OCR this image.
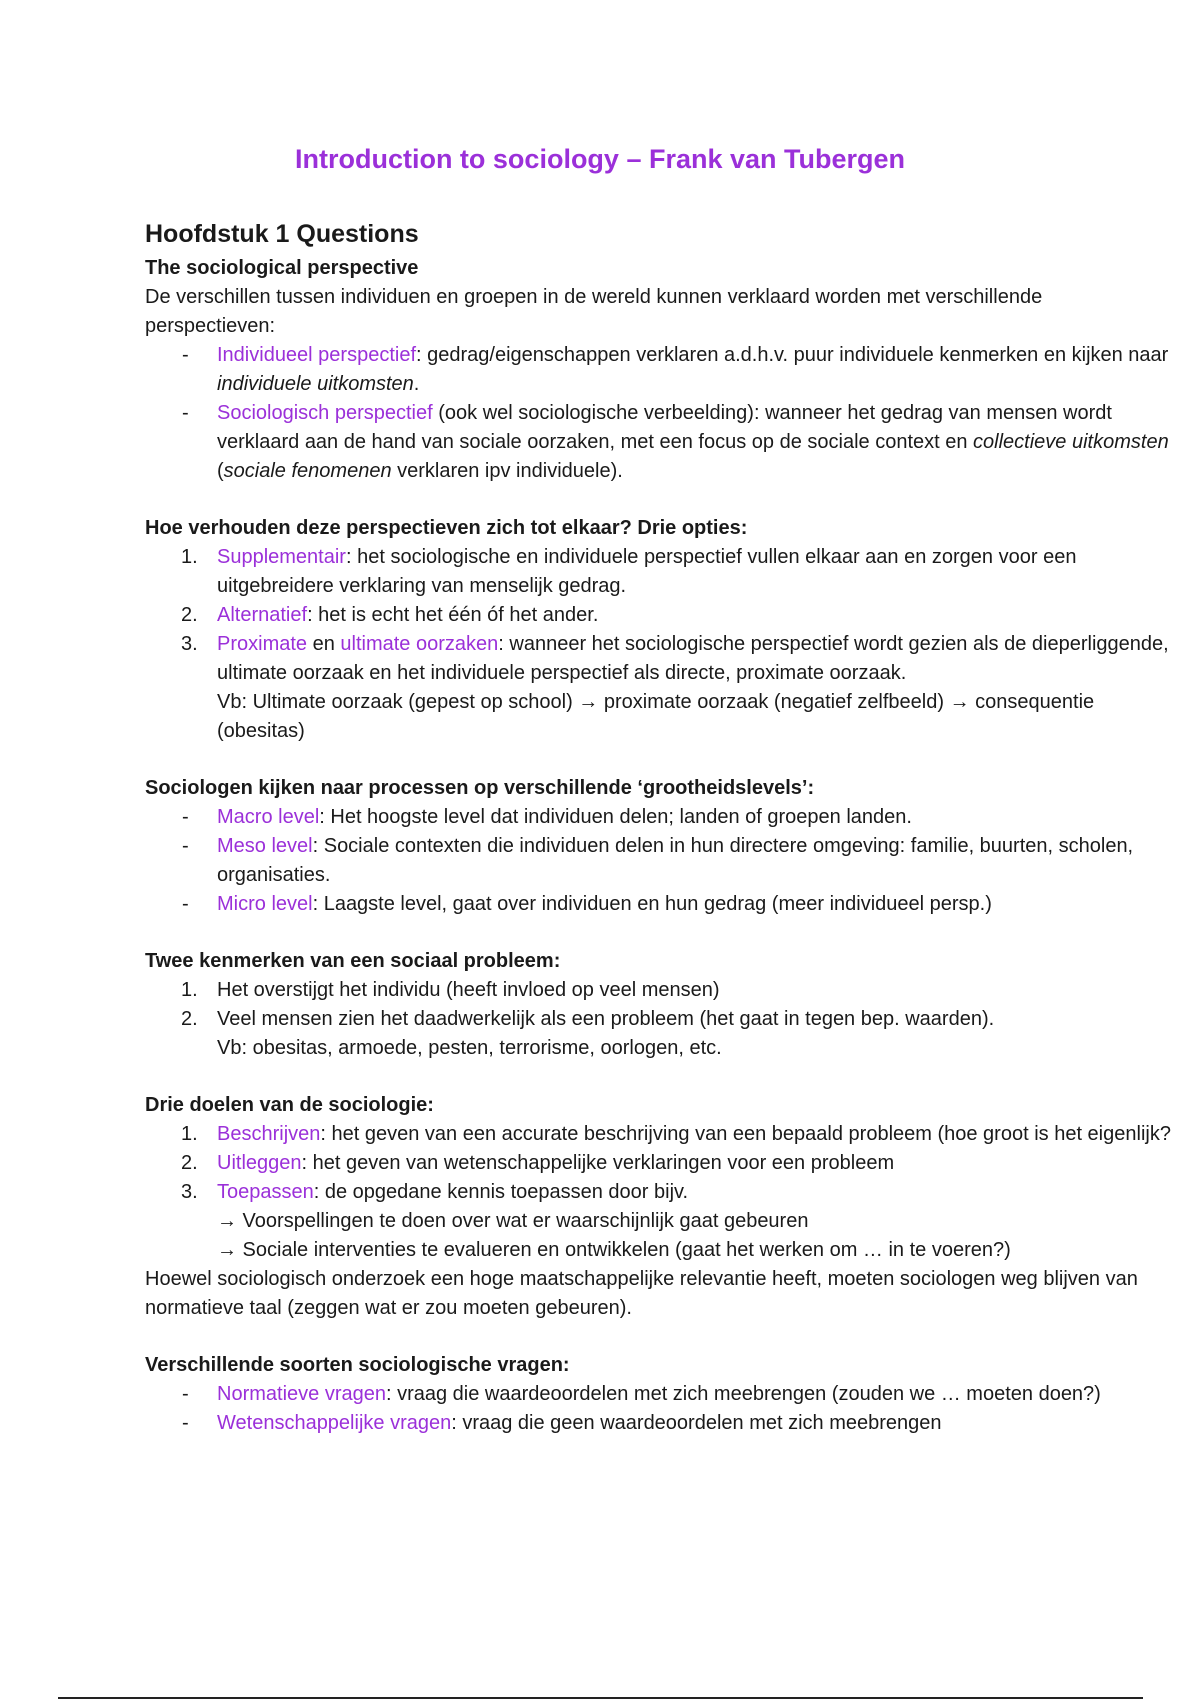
Introduction to sociology – Frank van Tubergen
Hoofdstuk 1 Questions
The sociological perspective

De verschillen tussen individuen en groepen in de wereld kunnen verklaard worden met verschillende perspectieven:

- Individueel perspectief: gedrag/eigenschappen verklaren a.d.h.v. puur individuele kenmerken en kijken naar individuele uitkomsten.
- Sociologisch perspectief (ook wel sociologische verbeelding): wanneer het gedrag van mensen wordt verklaard aan de hand van sociale oorzaken, met een focus op de sociale context en collectieve uitkomsten (sociale fenomenen verklaren ipv individuele).
Hoe verhouden deze perspectieven zich tot elkaar? Drie opties:
1. Supplementair: het sociologische en individuele perspectief vullen elkaar aan en zorgen voor een uitgebreidere verklaring van menselijk gedrag.
2. Alternatief: het is echt het één óf het ander.
3. Proximate en ultimate oorzaken: wanneer het sociologische perspectief wordt gezien als de dieperliggende, ultimate oorzaak en het individuele perspectief als directe, proximate oorzaak.
Vb: Ultimate oorzaak (gepest op school) → proximate oorzaak (negatief zelfbeeld) → consequentie (obesitas)
Sociologen kijken naar processen op verschillende ‘grootheidslevels’:
- Macro level: Het hoogste level dat individuen delen; landen of groepen landen.
- Meso level: Sociale contexten die individuen delen in hun directere omgeving: familie, buurten, scholen, organisaties.
- Micro level: Laagste level, gaat over individuen en hun gedrag (meer individueel persp.)
Twee kenmerken van een sociaal probleem:
1. Het overstijgt het individu (heeft invloed op veel mensen)
2. Veel mensen zien het daadwerkelijk als een probleem (het gaat in tegen bep. waarden).
Vb: obesitas, armoede, pesten, terrorisme, oorlogen, etc.
Drie doelen van de sociologie:
1. Beschrijven: het geven van een accurate beschrijving van een bepaald probleem (hoe groot is het eigenlijk?
2. Uitleggen: het geven van wetenschappelijke verklaringen voor een probleem
3. Toepassen: de opgedane kennis toepassen door bijv.
→ Voorspellingen te doen over wat er waarschijnlijk gaat gebeuren
→ Sociale interventies te evalueren en ontwikkelen (gaat het werken om … in te voeren?)

Hoewel sociologisch onderzoek een hoge maatschappelijke relevantie heeft, moeten sociologen weg blijven van normatieve taal (zeggen wat er zou moeten gebeuren).

Verschillende soorten sociologische vragen:
- Normatieve vragen: vraag die waardeoordelen met zich meebrengen (zouden we … moeten doen?)
- Wetenschappelijke vragen: vraag die geen waardeoordelen met zich meebrengen
